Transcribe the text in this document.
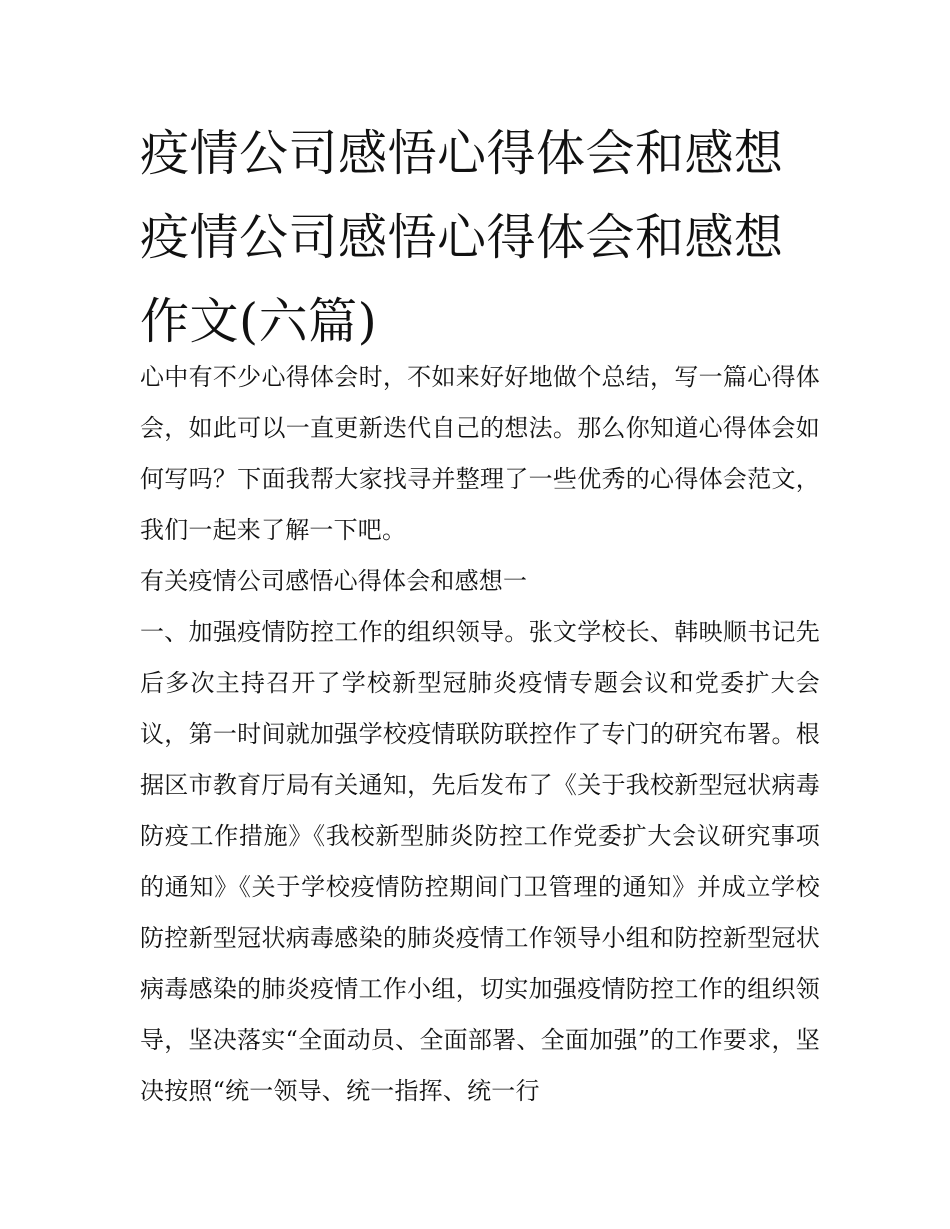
疫情公司感悟心得体会和感想
疫情公司感悟心得体会和感想
作文(六篇)

心中有不少心得体会时，不如来好好地做个总结，写一篇心得体会，如此可以一直更新迭代自己的想法。那么你知道心得体会如何写吗？下面我帮大家找寻并整理了一些优秀的心得体会范文，我们一起来了解一下吧。

有关疫情公司感悟心得体会和感想一

一、加强疫情防控工作的组织领导。张文学校长、韩映顺书记先后多次主持召开了学校新型冠肺炎疫情专题会议和党委扩大会议，第一时间就加强学校疫情联防联控作了专门的研究布署。根据区市教育厅局有关通知，先后发布了《关于我校新型冠状病毒防疫工作措施》《我校新型肺炎防控工作党委扩大会议研究事项的通知》《关于学校疫情防控期间门卫管理的通知》并成立学校防控新型冠状病毒感染的肺炎疫情工作领导小组和防控新型冠状病毒感染的肺炎疫情工作小组，切实加强疫情防控工作的组织领导，坚决落实“全面动员、全面部署、全面加强”的工作要求，坚决按照“统一领导、统一指挥、统一行
